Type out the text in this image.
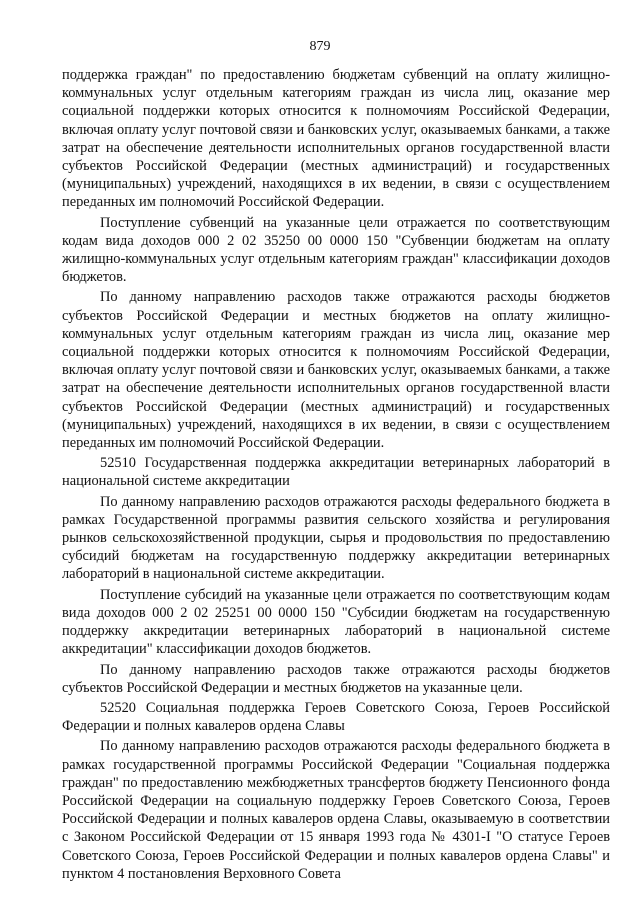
879

поддержка граждан" по предоставлению бюджетам субвенций на оплату жилищно-коммунальных услуг отдельным категориям граждан из числа лиц, оказание мер социальной поддержки которых относится к полномочиям Российской Федерации, включая оплату услуг почтовой связи и банковских услуг, оказываемых банками, а также затрат на обеспечение деятельности исполнительных органов государственной власти субъектов Российской Федерации (местных администраций) и государственных (муниципальных) учреждений, находящихся в их ведении, в связи с осуществлением переданных им полномочий Российской Федерации.

Поступление субвенций на указанные цели отражается по соответствующим кодам вида доходов 000 2 02 35250 00 0000 150 "Субвенции бюджетам на оплату жилищно-коммунальных услуг отдельным категориям граждан" классификации доходов бюджетов.

По данному направлению расходов также отражаются расходы бюджетов субъектов Российской Федерации и местных бюджетов на оплату жилищно-коммунальных услуг отдельным категориям граждан из числа лиц, оказание мер социальной поддержки которых относится к полномочиям Российской Федерации, включая оплату услуг почтовой связи и банковских услуг, оказываемых банками, а также затрат на обеспечение деятельности исполнительных органов государственной власти субъектов Российской Федерации (местных администраций) и государственных (муниципальных) учреждений, находящихся в их ведении, в связи с осуществлением переданных им полномочий Российской Федерации.

52510 Государственная поддержка аккредитации ветеринарных лабораторий в национальной системе аккредитации

По данному направлению расходов отражаются расходы федерального бюджета в рамках Государственной программы развития сельского хозяйства и регулирования рынков сельскохозяйственной продукции, сырья и продовольствия по предоставлению субсидий бюджетам на государственную поддержку аккредитации ветеринарных лабораторий в национальной системе аккредитации.

Поступление субсидий на указанные цели отражается по соответствующим кодам вида доходов 000 2 02 25251 00 0000 150 "Субсидии бюджетам на государственную поддержку аккредитации ветеринарных лабораторий в национальной системе аккредитации" классификации доходов бюджетов.

По данному направлению расходов также отражаются расходы бюджетов субъектов Российской Федерации и местных бюджетов на указанные цели.

52520 Социальная поддержка Героев Советского Союза, Героев Российской Федерации и полных кавалеров ордена Славы

По данному направлению расходов отражаются расходы федерального бюджета в рамках государственной программы Российской Федерации "Социальная поддержка граждан" по предоставлению межбюджетных трансфертов бюджету Пенсионного фонда Российской Федерации на социальную поддержку Героев Советского Союза, Героев Российской Федерации и полных кавалеров ордена Славы, оказываемую в соответствии с Законом Российской Федерации от 15 января 1993 года № 4301-I "О статусе Героев Советского Союза, Героев Российской Федерации и полных кавалеров ордена Славы" и пунктом 4 постановления Верховного Совета
